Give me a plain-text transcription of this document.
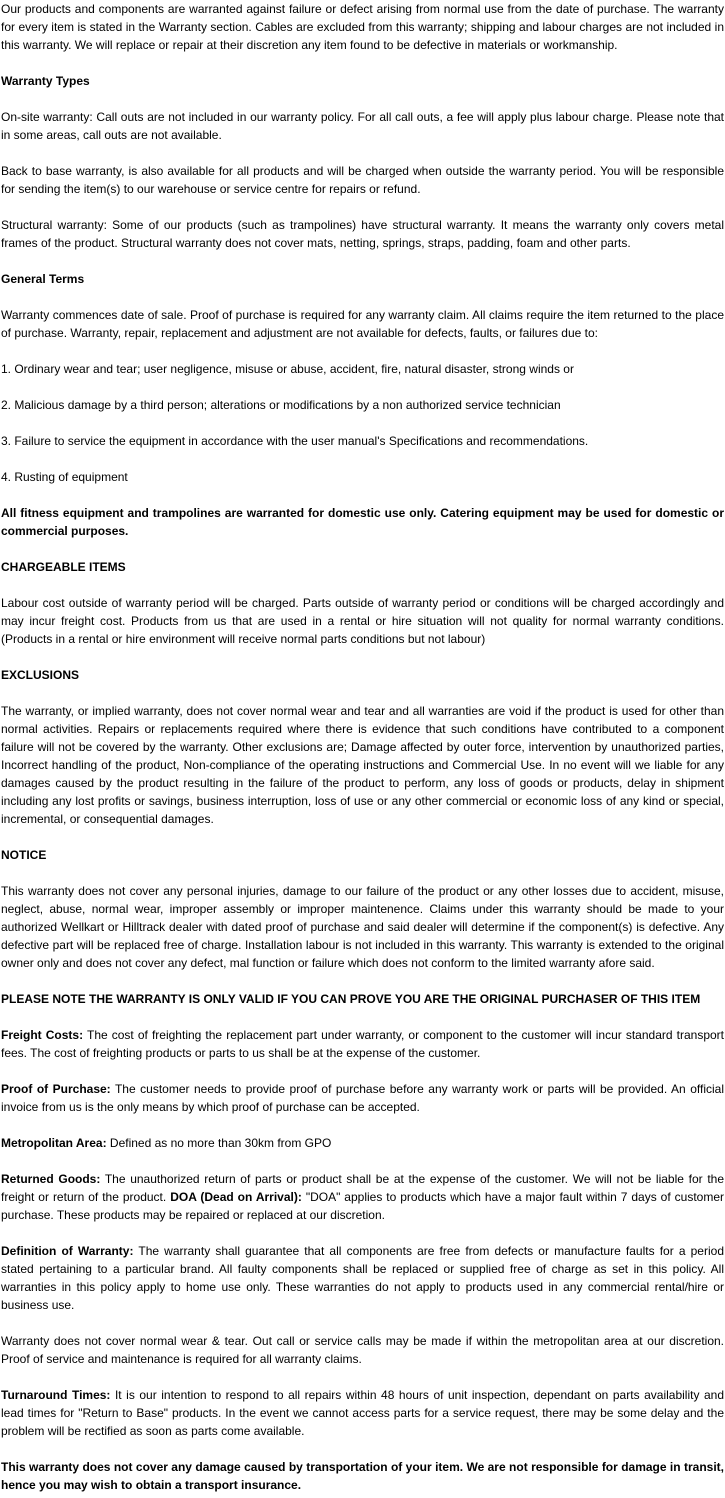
Our products and components are warranted against failure or defect arising from normal use from the date of purchase. The warranty for every item is stated in the Warranty section. Cables are excluded from this warranty; shipping and labour charges are not included in this warranty. We will replace or repair at their discretion any item found to be defective in materials or workmanship.

Warranty Types

On-site warranty: Call outs are not included in our warranty policy. For all call outs, a fee will apply plus labour charge. Please note that in some areas, call outs are not available.

Back to base warranty, is also available for all products and will be charged when outside the warranty period. You will be responsible for sending the item(s) to our warehouse or service centre for repairs or refund.

Structural warranty: Some of our products (such as trampolines) have structural warranty. It means the warranty only covers metal frames of the product. Structural warranty does not cover mats, netting, springs, straps, padding, foam and other parts.

General Terms

Warranty commences date of sale. Proof of purchase is required for any warranty claim. All claims require the item returned to the place of purchase. Warranty, repair, replacement and adjustment are not available for defects, faults, or failures due to:

1. Ordinary wear and tear; user negligence, misuse or abuse, accident, fire, natural disaster, strong winds or

2. Malicious damage by a third person; alterations or modifications by a non authorized service technician

3. Failure to service the equipment in accordance with the user manual's Specifications and recommendations.

4. Rusting of equipment

All fitness equipment and trampolines are warranted for domestic use only. Catering equipment may be used for domestic or commercial purposes.

CHARGEABLE ITEMS

Labour cost outside of warranty period will be charged. Parts outside of warranty period or conditions will be charged accordingly and may incur freight cost. Products from us that are used in a rental or hire situation will not quality for normal warranty conditions. (Products in a rental or hire environment will receive normal parts conditions but not labour)

EXCLUSIONS

The warranty, or implied warranty, does not cover normal wear and tear and all warranties are void if the product is used for other than normal activities. Repairs or replacements required where there is evidence that such conditions have contributed to a component failure will not be covered by the warranty. Other exclusions are; Damage affected by outer force, intervention by unauthorized parties, Incorrect handling of the product, Non-compliance of the operating instructions and Commercial Use. In no event will we liable for any damages caused by the product resulting in the failure of the product to perform, any loss of goods or products, delay in shipment including any lost profits or savings, business interruption, loss of use or any other commercial or economic loss of any kind or special, incremental, or consequential damages.

NOTICE

This warranty does not cover any personal injuries, damage to our failure of the product or any other losses due to accident, misuse, neglect, abuse, normal wear, improper assembly or improper maintenence. Claims under this warranty should be made to your authorized Wellkart or Hilltrack dealer with dated proof of purchase and said dealer will determine if the component(s) is defective. Any defective part will be replaced free of charge. Installation labour is not included in this warranty. This warranty is extended to the original owner only and does not cover any defect, mal function or failure which does not conform to the limited warranty afore said.

PLEASE NOTE THE WARRANTY IS ONLY VALID IF YOU CAN PROVE YOU ARE THE ORIGINAL PURCHASER OF THIS ITEM

Freight Costs: The cost of freighting the replacement part under warranty, or component to the customer will incur standard transport fees. The cost of freighting products or parts to us shall be at the expense of the customer.

Proof of Purchase: The customer needs to provide proof of purchase before any warranty work or parts will be provided. An official invoice from us is the only means by which proof of purchase can be accepted.

Metropolitan Area: Defined as no more than 30km from GPO

Returned Goods: The unauthorized return of parts or product shall be at the expense of the customer. We will not be liable for the freight or return of the product. DOA (Dead on Arrival): "DOA" applies to products which have a major fault within 7 days of customer purchase. These products may be repaired or replaced at our discretion.

Definition of Warranty: The warranty shall guarantee that all components are free from defects or manufacture faults for a period stated pertaining to a particular brand. All faulty components shall be replaced or supplied free of charge as set in this policy. All warranties in this policy apply to home use only. These warranties do not apply to products used in any commercial rental/hire or business use.

Warranty does not cover normal wear & tear. Out call or service calls may be made if within the metropolitan area at our discretion. Proof of service and maintenance is required for all warranty claims.

Turnaround Times: It is our intention to respond to all repairs within 48 hours of unit inspection, dependant on parts availability and lead times for "Return to Base" products. In the event we cannot access parts for a service request, there may be some delay and the problem will be rectified as soon as parts come available.

This warranty does not cover any damage caused by transportation of your item. We are not responsible for damage in transit, hence you may wish to obtain a transport insurance.
